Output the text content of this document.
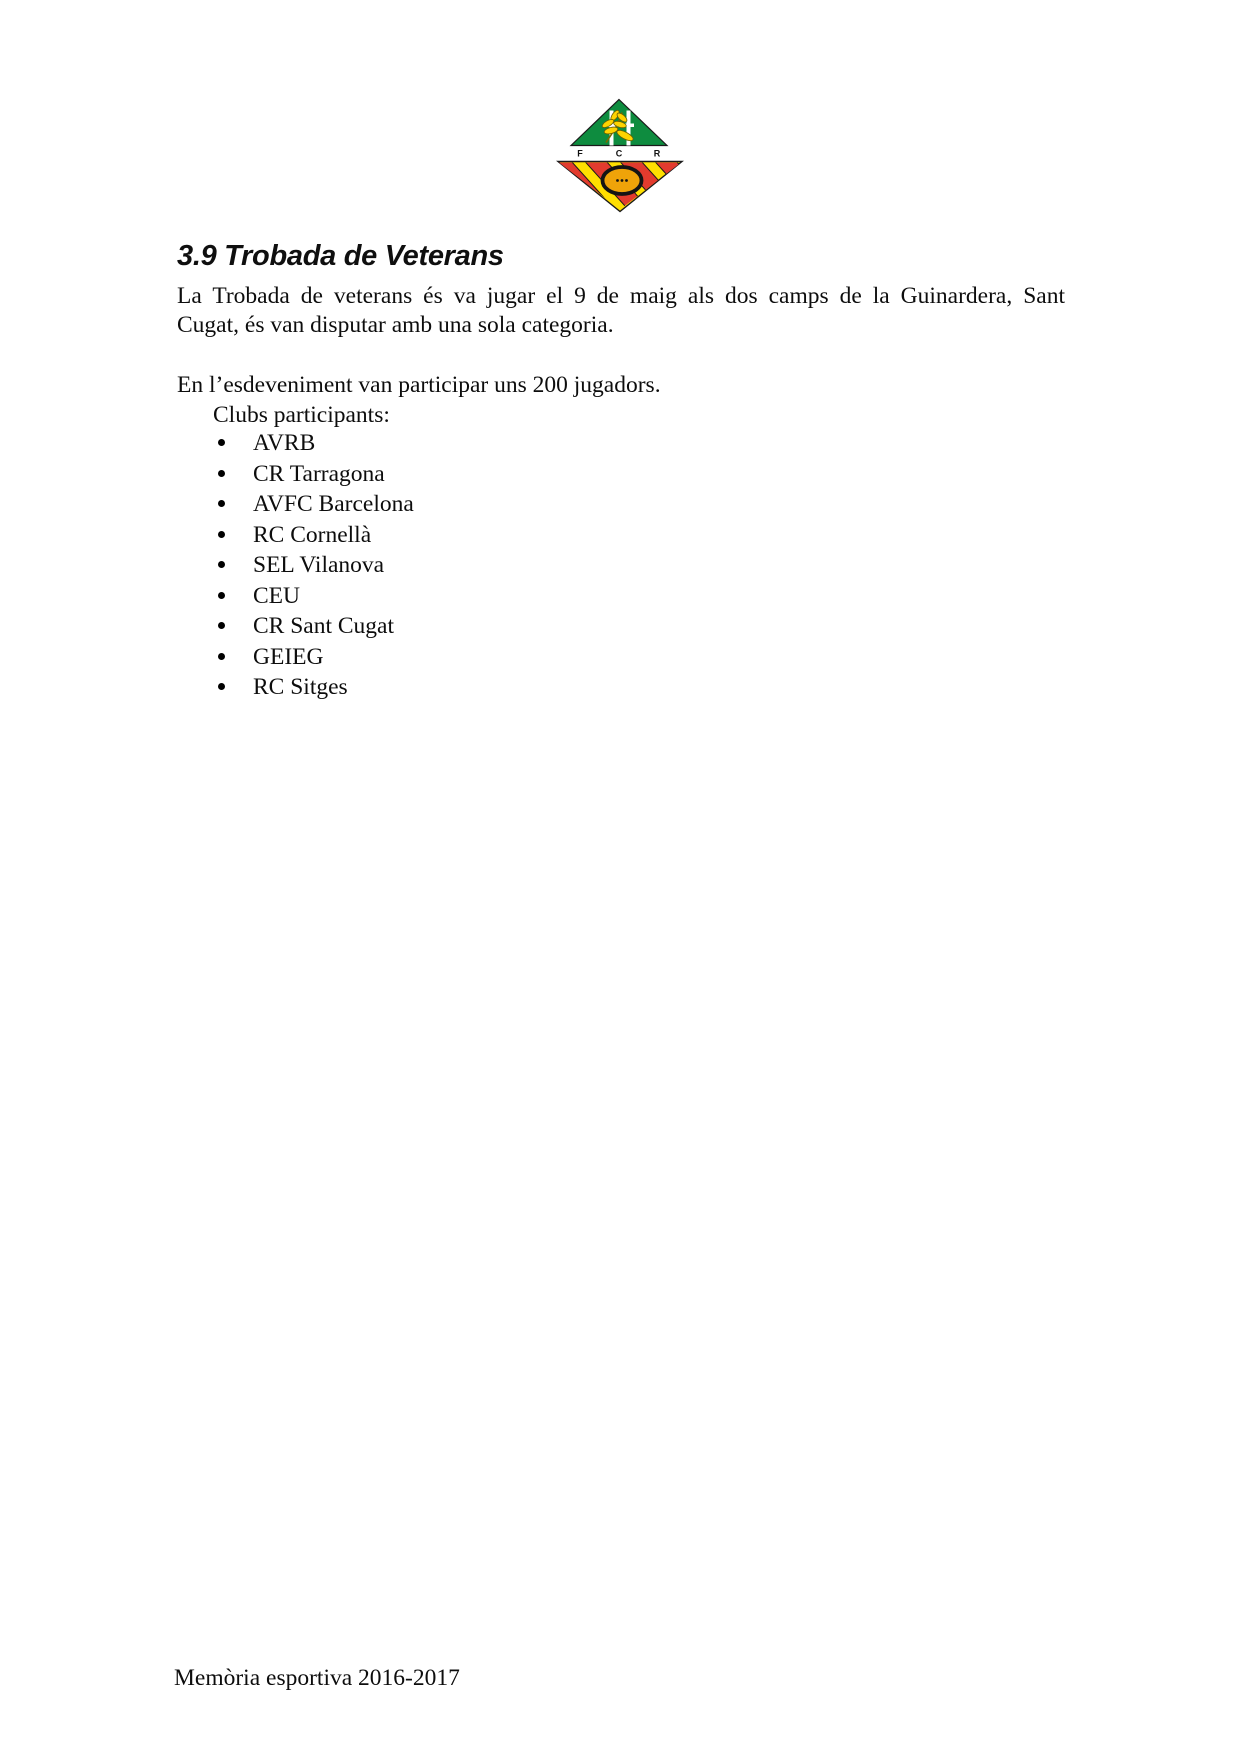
F	C	R
3.9 Trobada de Veterans

La Trobada de veterans és va jugar el 9 de maig als dos camps de la Guinardera, Sant
Cugat, és van disputar amb una sola categoria.

En l’esdeveniment van participar uns 200 jugadors.

Clubs participants:

AVRB
CR Tarragona
AVFC Barcelona
RC Cornellà
SEL Vilanova
CEU
CR Sant Cugat
GEIEG
RC Sitges

Memòria esportiva 2016-2017
